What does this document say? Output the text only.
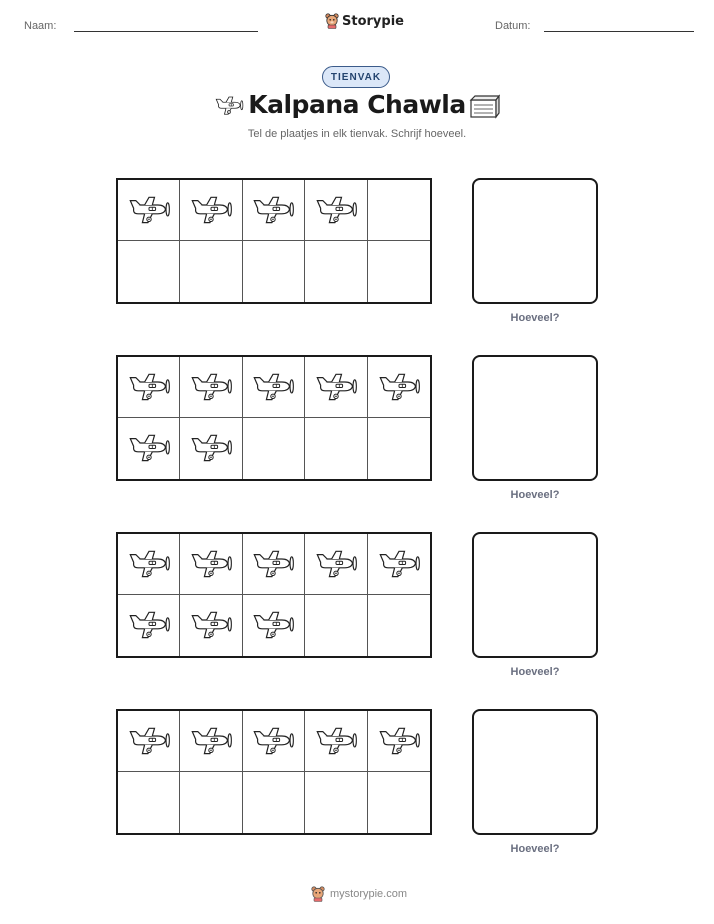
Naam:	Storypie	Datum:
TIENVAK
Kalpana Chawla
Tel de plaatjes in elk tienvak. Schrijf hoeveel.
Hoeveel?
Hoeveel?
Hoeveel?
Hoeveel?
mystorypie.com
